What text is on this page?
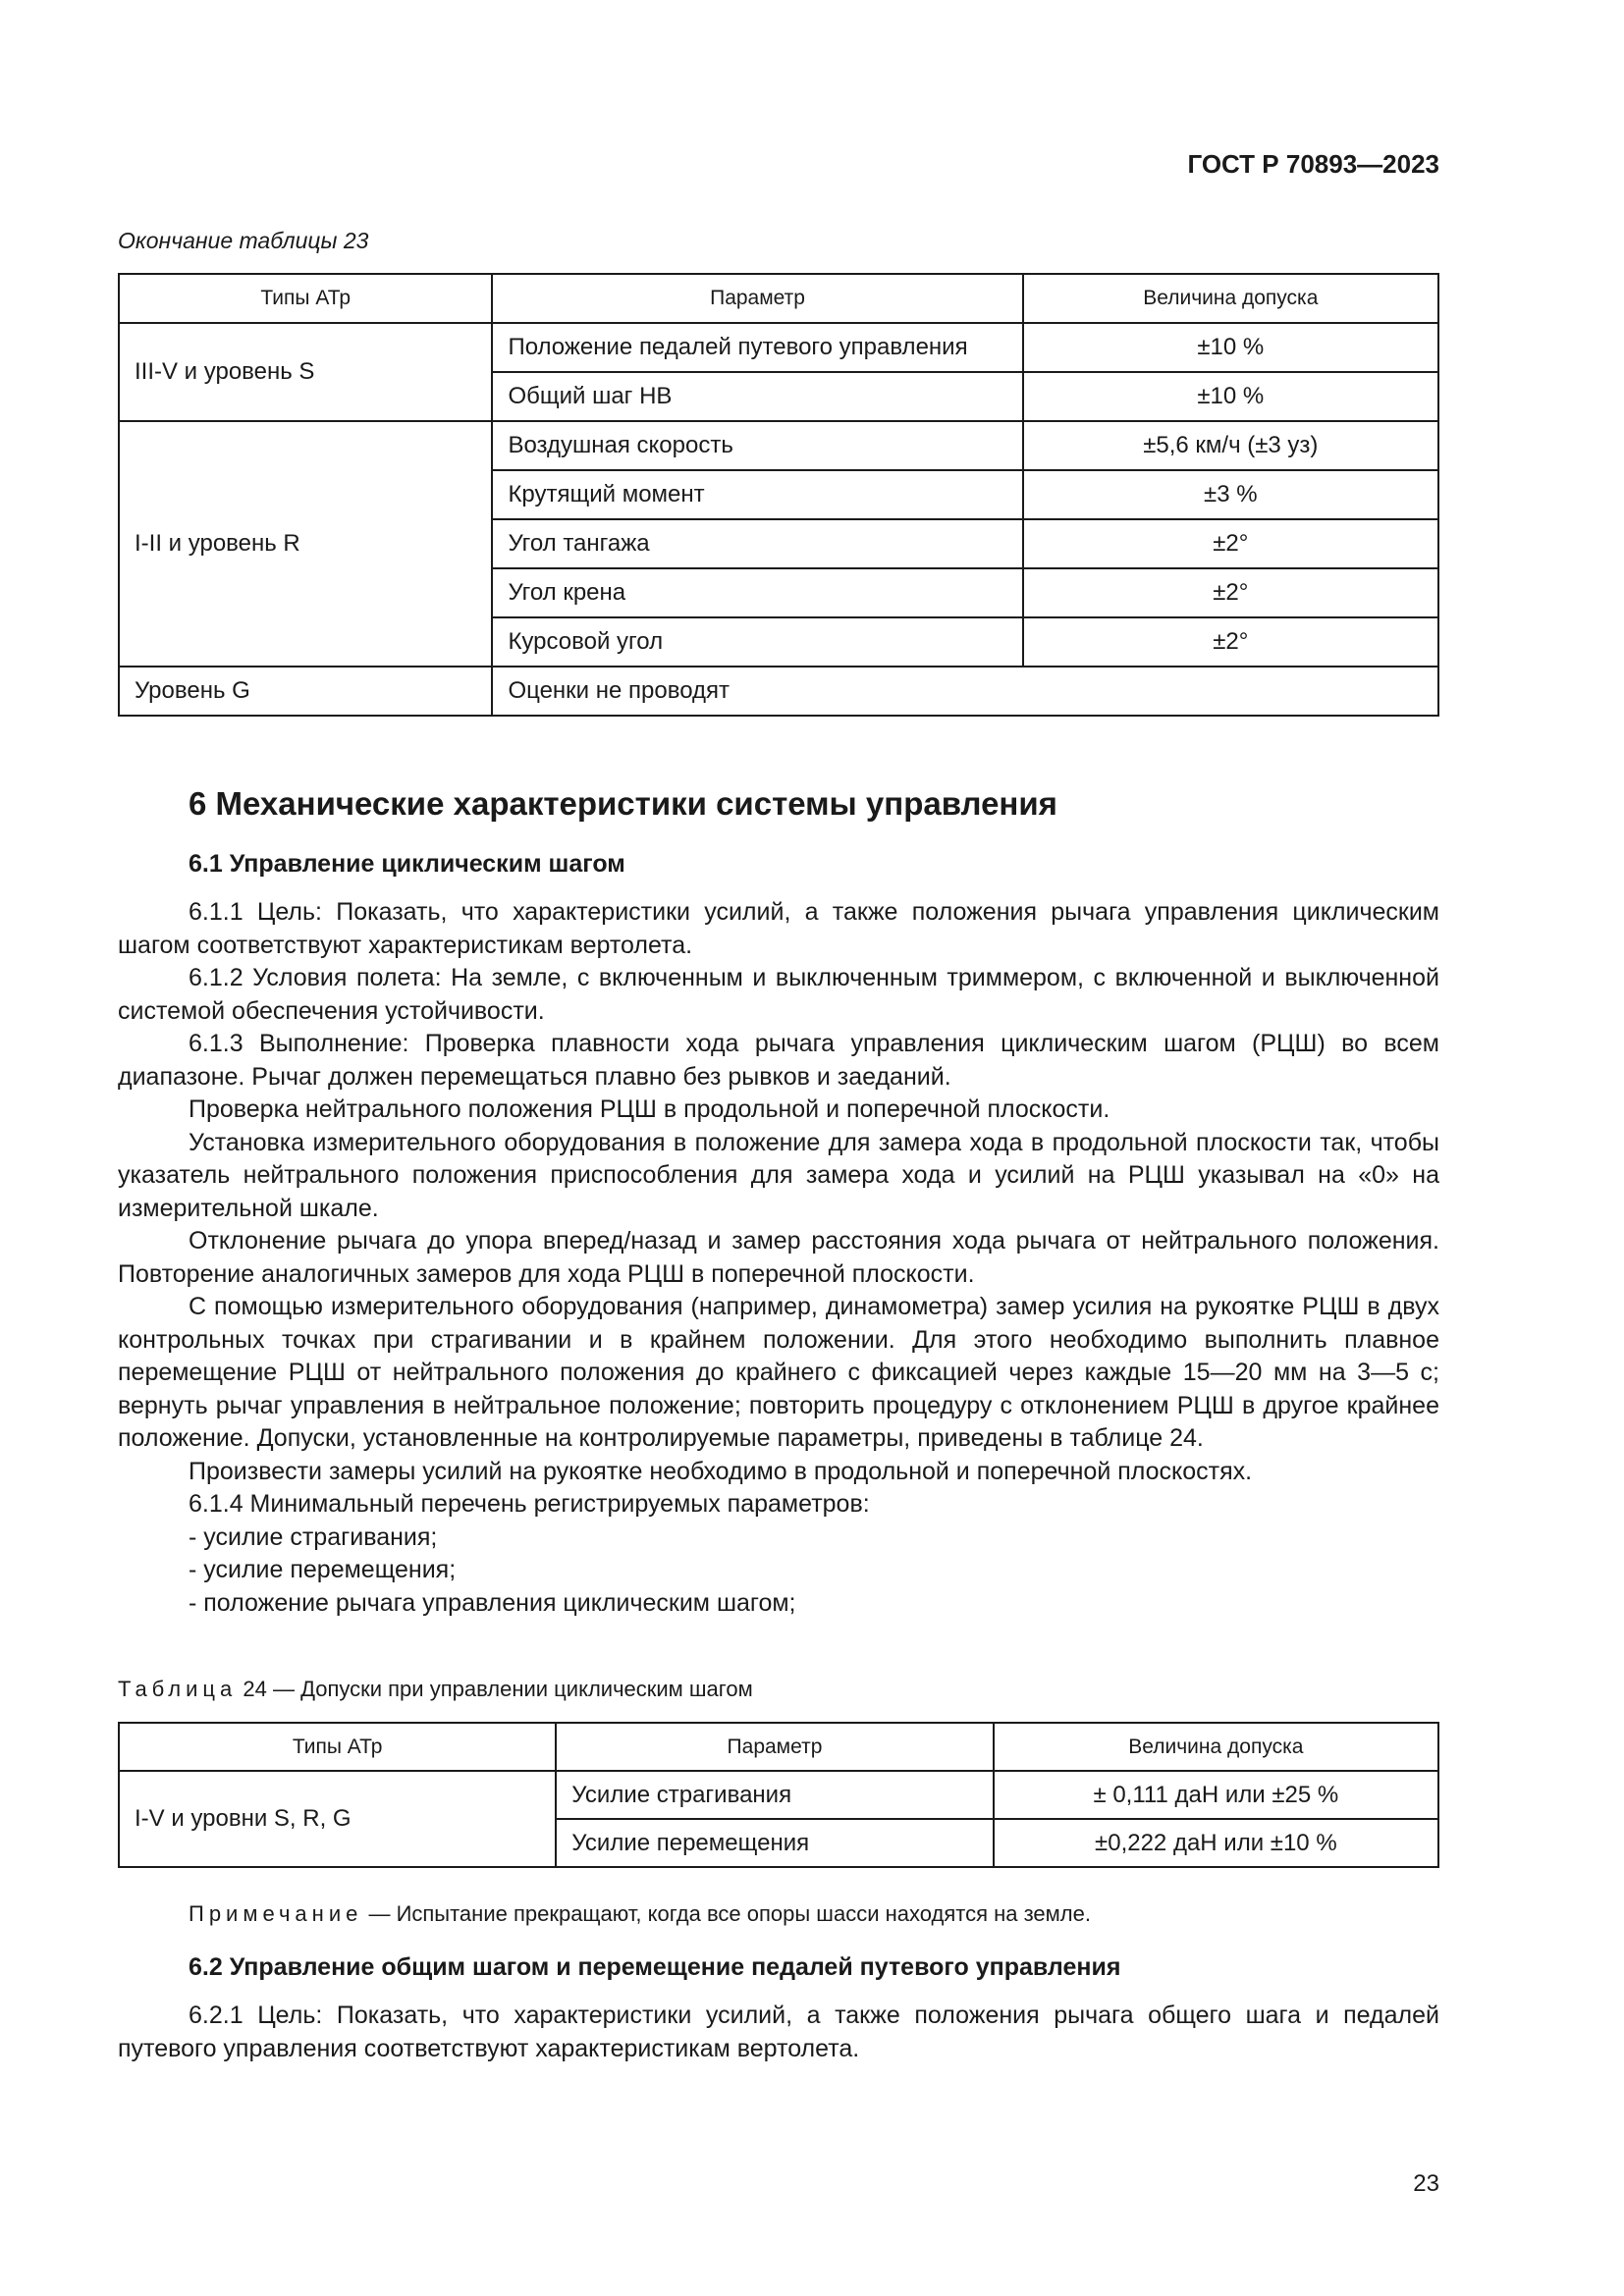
ГОСТ Р 70893—2023
Окончание таблицы 23
Типы АТр	Параметр	Величина допуска
III-V и уровень S	Положение педалей путевого управления	±10 %
	Общий шаг НВ	±10 %
I-II и уровень R	Воздушная скорость	±5,6 км/ч (±3 уз)
	Крутящий момент	±3 %
	Угол тангажа	±2°
	Угол крена	±2°
	Курсовой угол	±2°
Уровень G	Оценки не проводят	
6 Механические характеристики системы управления
6.1 Управление циклическим шагом

6.1.1 Цель: Показать, что характеристики усилий, а также положения рычага управления циклическим шагом соответствуют характеристикам вертолета.

6.1.2 Условия полета: На земле, с включенным и выключенным триммером, с включенной и выключенной системой обеспечения устойчивости.

6.1.3 Выполнение: Проверка плавности хода рычага управления циклическим шагом (РЦШ) во всем диапазоне. Рычаг должен перемещаться плавно без рывков и заеданий.

Проверка нейтрального положения РЦШ в продольной и поперечной плоскости.

Установка измерительного оборудования в положение для замера хода в продольной плоскости так, чтобы указатель нейтрального положения приспособления для замера хода и усилий на РЦШ указывал на «0» на измерительной шкале.

Отклонение рычага до упора вперед/назад и замер расстояния хода рычага от нейтрального положения. Повторение аналогичных замеров для хода РЦШ в поперечной плоскости.

С помощью измерительного оборудования (например, динамометра) замер усилия на рукоятке РЦШ в двух контрольных точках при страгивании и в крайнем положении. Для этого необходимо выполнить плавное перемещение РЦШ от нейтрального положения до крайнего с фиксацией через каждые 15—20 мм на 3—5 с; вернуть рычаг управления в нейтральное положение; повторить процедуру с отклонением РЦШ в другое крайнее положение. Допуски, установленные на контролируемые параметры, приведены в таблице 24.

Произвести замеры усилий на рукоятке необходимо в продольной и поперечной плоскостях.

6.1.4 Минимальный перечень регистрируемых параметров:

- усилие страгивания;

- усилие перемещения;

- положение рычага управления циклическим шагом;

Таблица 24 — Допуски при управлении циклическим шагом
Типы АТр	Параметр	Величина допуска
I-V и уровни S, R, G	Усилие страгивания	± 0,111 даН или ±25 %
	Усилие перемещения	±0,222 даН или ±10 %
Примечание — Испытание прекращают, когда все опоры шасси находятся на земле.
6.2 Управление общим шагом и перемещение педалей путевого управления

6.2.1 Цель: Показать, что характеристики усилий, а также положения рычага общего шага и педалей путевого управления соответствуют характеристикам вертолета.

23
